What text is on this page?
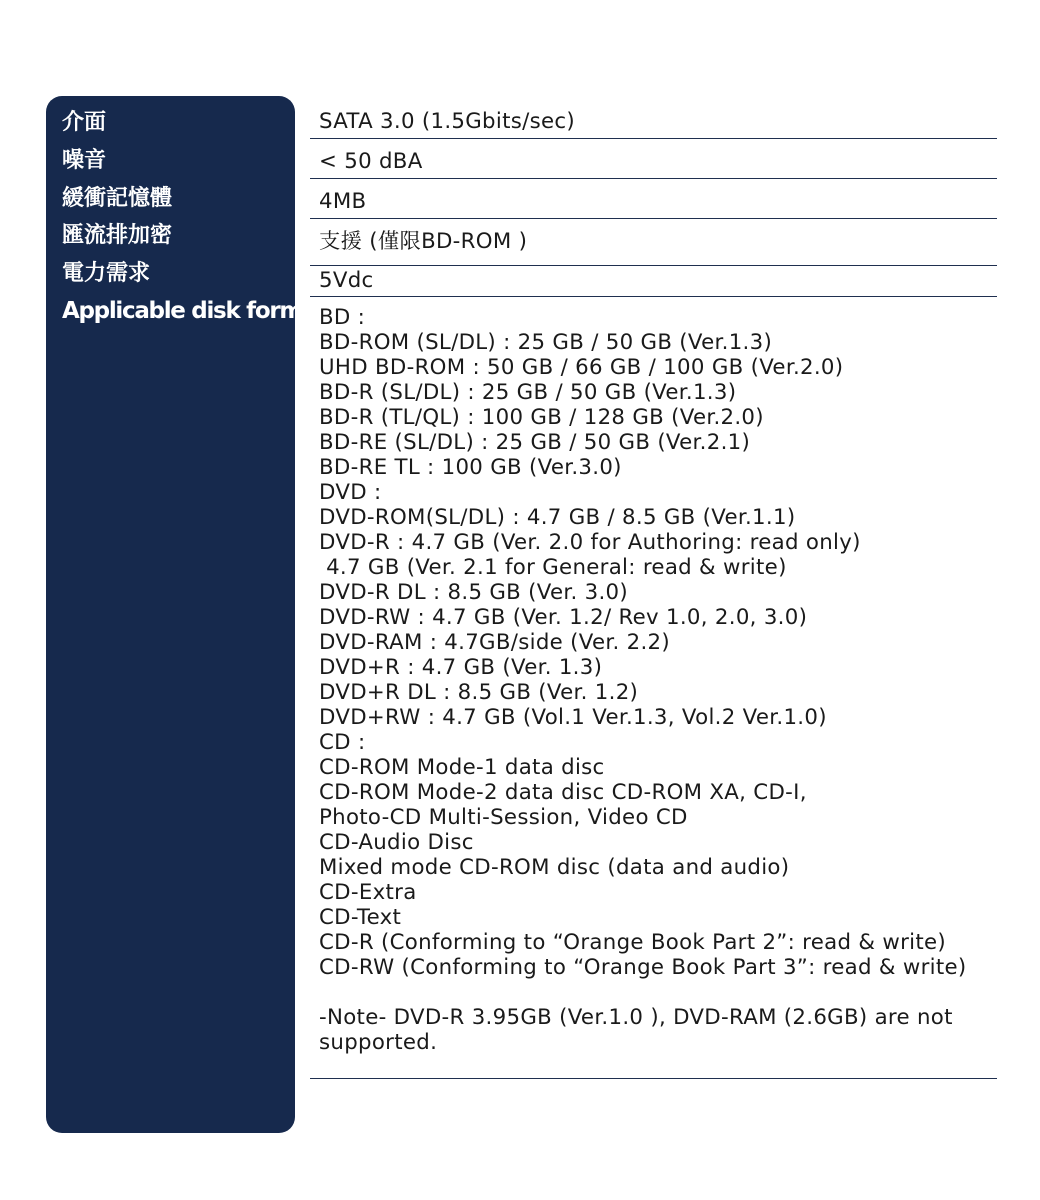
介面
噪音
緩衝記憶體
匯流排加密
電力需求
Applicable disk format
SATA 3.0 (1.5Gbits/sec)
< 50 dBA
4MB
支援 (僅限BD-ROM )
5Vdc
BD :
BD-ROM (SL/DL) : 25 GB / 50 GB (Ver.1.3)
UHD BD-ROM : 50 GB / 66 GB / 100 GB (Ver.2.0)
BD-R (SL/DL) : 25 GB / 50 GB (Ver.1.3)
BD-R (TL/QL) : 100 GB / 128 GB (Ver.2.0)
BD-RE (SL/DL) : 25 GB / 50 GB (Ver.2.1)
BD-RE TL : 100 GB (Ver.3.0)
DVD :
DVD-ROM(SL/DL) : 4.7 GB / 8.5 GB (Ver.1.1)
DVD-R : 4.7 GB (Ver. 2.0 for Authoring: read only)
4.7 GB (Ver. 2.1 for General: read & write)
DVD-R DL : 8.5 GB (Ver. 3.0)
DVD-RW : 4.7 GB (Ver. 1.2/ Rev 1.0, 2.0, 3.0)
DVD-RAM : 4.7GB/side (Ver. 2.2)
DVD+R : 4.7 GB (Ver. 1.3)
DVD+R DL : 8.5 GB (Ver. 1.2)
DVD+RW : 4.7 GB (Vol.1 Ver.1.3, Vol.2 Ver.1.0)
CD :
CD-ROM Mode-1 data disc
CD-ROM Mode-2 data disc CD-ROM XA, CD-I,
Photo-CD Multi-Session, Video CD
CD-Audio Disc
Mixed mode CD-ROM disc (data and audio)
CD-Extra
CD-Text
CD-R (Conforming to “Orange Book Part 2”: read & write)
CD-RW (Conforming to “Orange Book Part 3”: read & write)

-Note- DVD-R 3.95GB (Ver.1.0 ), DVD-RAM (2.6GB) are not supported.
